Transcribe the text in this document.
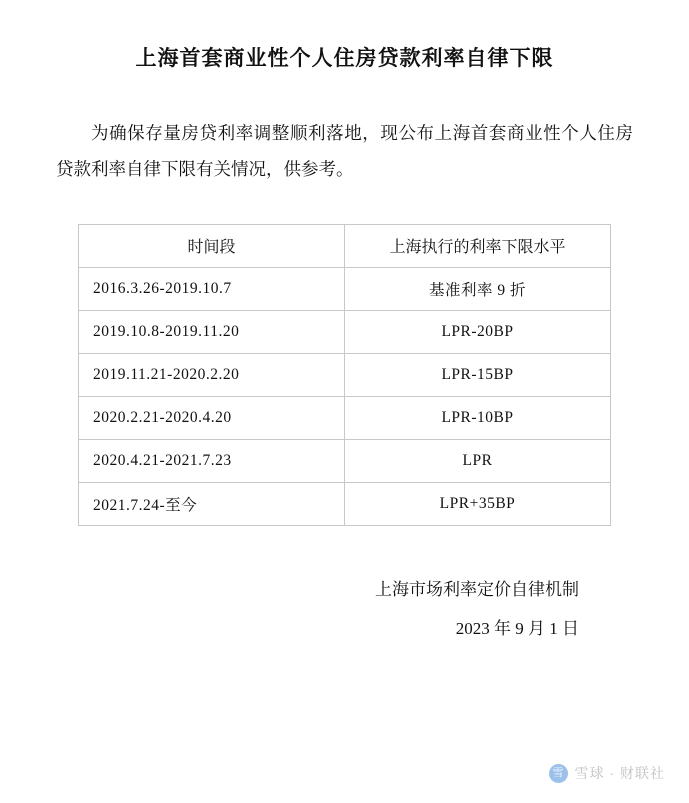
上海首套商业性个人住房贷款利率自律下限
为确保存量房贷利率调整顺利落地，现公布上海首套商业性个人住房贷款利率自律下限有关情况，供参考。
时间段	上海执行的利率下限水平
2016.3.26-2019.10.7	基准利率 9 折
2019.10.8-2019.11.20	LPR-20BP
2019.11.21-2020.2.20	LPR-15BP
2020.2.21-2020.4.20	LPR-10BP
2020.4.21-2021.7.23	LPR
2021.7.24-至今	LPR+35BP
上海市场利率定价自律机制
2023 年 9 月 1 日
雪 雪球 · 财联社
